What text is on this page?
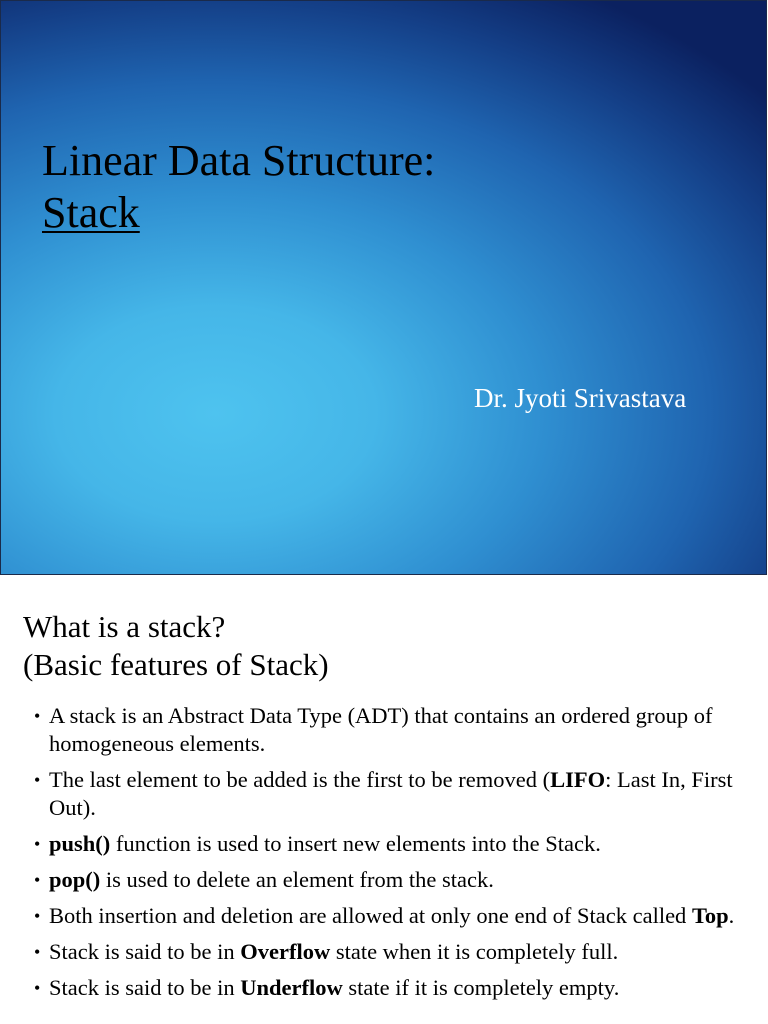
Linear Data Structure:
Stack
Dr. Jyoti Srivastava
What is a stack?
(Basic features of Stack)
• A stack is an Abstract Data Type (ADT) that contains an ordered group of homogeneous elements.
• The last element to be added is the first to be removed (LIFO: Last In, First Out).
• push() function is used to insert new elements into the Stack.
• pop() is used to delete an element from the stack.
• Both insertion and deletion are allowed at only one end of Stack called Top.
• Stack is said to be in Overflow state when it is completely full.
• Stack is said to be in Underflow state if it is completely empty.
